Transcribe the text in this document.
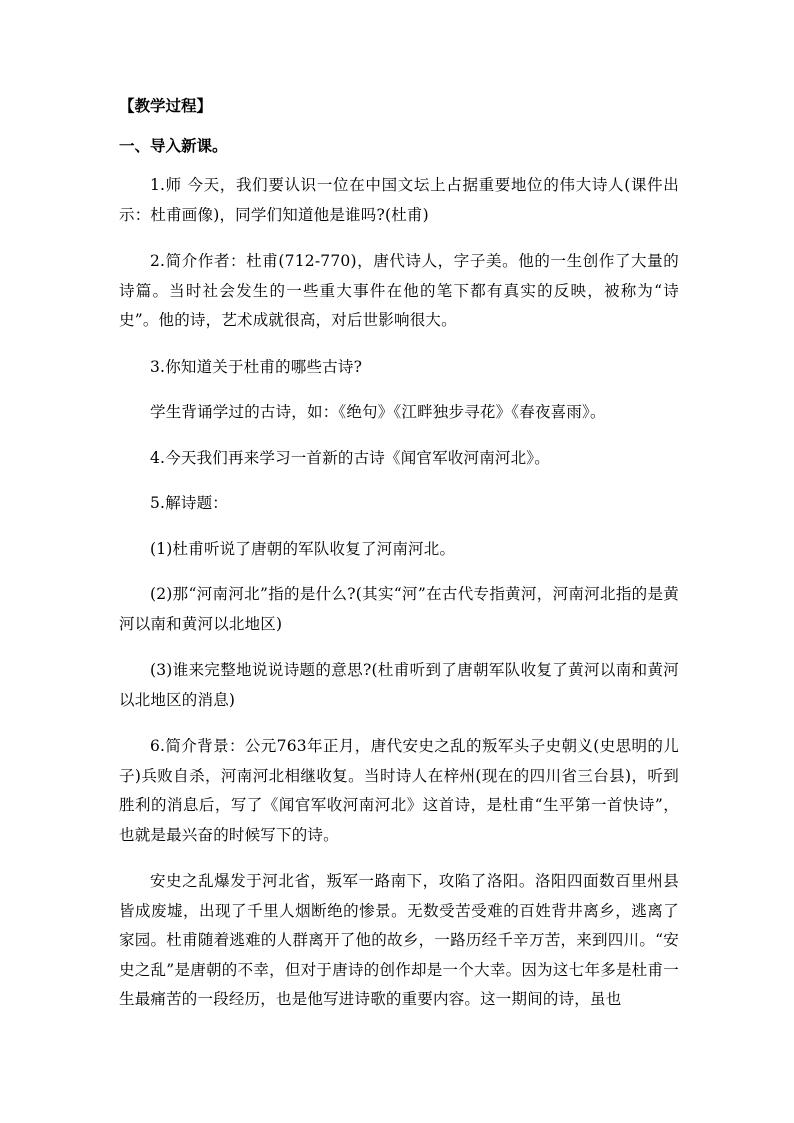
【教学过程】

一、导入新课。

1.师 今天，我们要认识一位在中国文坛上占据重要地位的伟大诗人(课件出示：杜甫画像)，同学们知道他是谁吗?(杜甫)

2.简介作者：杜甫(712-770)，唐代诗人，字子美。他的一生创作了大量的诗篇。当时社会发生的一些重大事件在他的笔下都有真实的反映，被称为“诗史”。他的诗，艺术成就很高，对后世影响很大。

3.你知道关于杜甫的哪些古诗?

学生背诵学过的古诗，如：《绝句》《江畔独步寻花》《春夜喜雨》。

4.今天我们再来学习一首新的古诗《闻官军收河南河北》。

5.解诗题：

(1)杜甫听说了唐朝的军队收复了河南河北。

(2)那“河南河北”指的是什么?(其实“河”在古代专指黄河，河南河北指的是黄河以南和黄河以北地区)

(3)谁来完整地说说诗题的意思?(杜甫听到了唐朝军队收复了黄河以南和黄河以北地区的消息)

6.简介背景：公元763年正月，唐代安史之乱的叛军头子史朝义(史思明的儿子)兵败自杀，河南河北相继收复。当时诗人在梓州(现在的四川省三台县)，听到胜利的消息后，写了《闻官军收河南河北》这首诗，是杜甫“生平第一首快诗”，也就是最兴奋的时候写下的诗。

安史之乱爆发于河北省，叛军一路南下，攻陷了洛阳。洛阳四面数百里州县皆成废墟，出现了千里人烟断绝的惨景。无数受苦受难的百姓背井离乡，逃离了家园。杜甫随着逃难的人群离开了他的故乡，一路历经千辛万苦，来到四川。“安史之乱”是唐朝的不幸，但对于唐诗的创作却是一个大幸。因为这七年多是杜甫一生最痛苦的一段经历，也是他写进诗歌的重要内容。这一期间的诗，虽也
